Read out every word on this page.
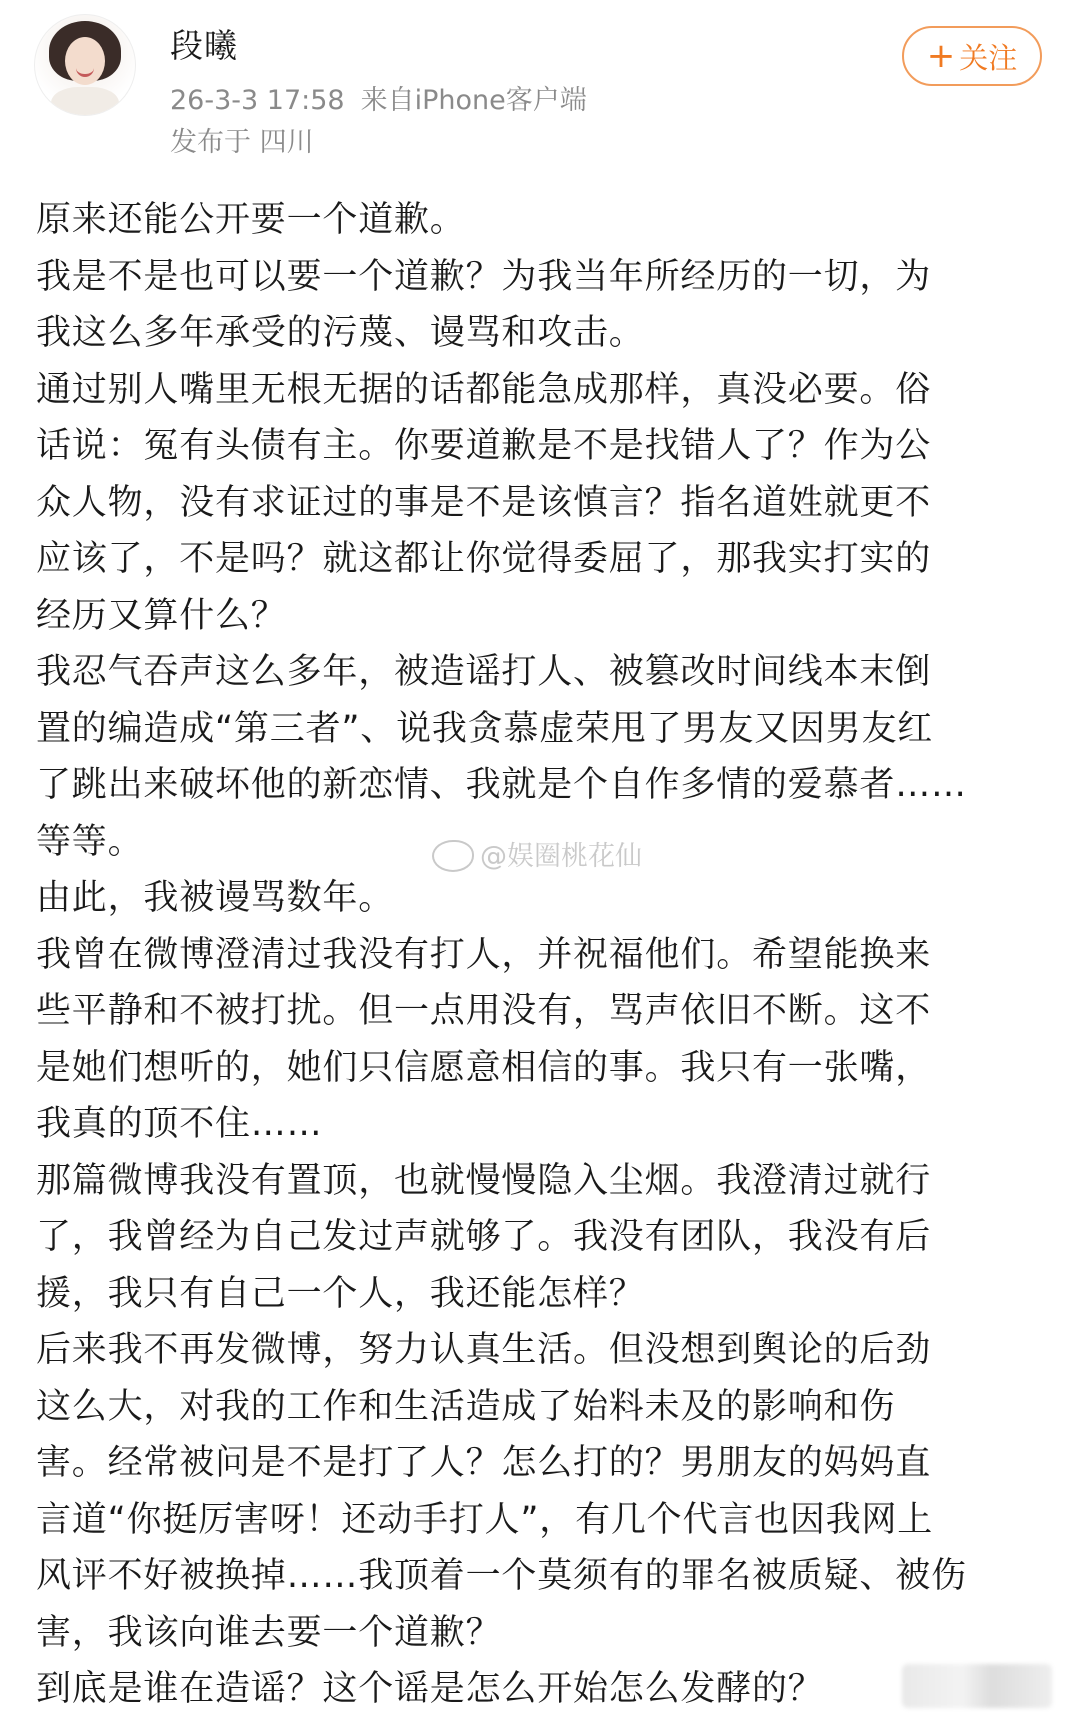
段曦
26-3-3 17:58 来自iPhone客户端
发布于 四川
+ 关注
原来还能公开要一个道歉。
我是不是也可以要一个道歉？为我当年所经历的一切，为
我这么多年承受的污蔑、谩骂和攻击。
通过别人嘴里无根无据的话都能急成那样，真没必要。俗
话说：冤有头债有主。你要道歉是不是找错人了？作为公
众人物，没有求证过的事是不是该慎言？指名道姓就更不
应该了，不是吗？就这都让你觉得委屈了，那我实打实的
经历又算什么？
我忍气吞声这么多年，被造谣打人、被篡改时间线本末倒
置的编造成“第三者”、说我贪慕虚荣甩了男友又因男友红
了跳出来破坏他的新恋情、我就是个自作多情的爱慕者……
等等。
由此，我被谩骂数年。
我曾在微博澄清过我没有打人，并祝福他们。希望能换来
些平静和不被打扰。但一点用没有，骂声依旧不断。这不
是她们想听的，她们只信愿意相信的事。我只有一张嘴，
我真的顶不住……
那篇微博我没有置顶，也就慢慢隐入尘烟。我澄清过就行
了，我曾经为自己发过声就够了。我没有团队，我没有后
援，我只有自己一个人，我还能怎样？
后来我不再发微博，努力认真生活。但没想到舆论的后劲
这么大，对我的工作和生活造成了始料未及的影响和伤
害。经常被问是不是打了人？怎么打的？男朋友的妈妈直
言道“你挺厉害呀！还动手打人”，有几个代言也因我网上
风评不好被换掉……我顶着一个莫须有的罪名被质疑、被伤
害，我该向谁去要一个道歉？
到底是谁在造谣？这个谣是怎么开始怎么发酵的？
@娱圈桃花仙
